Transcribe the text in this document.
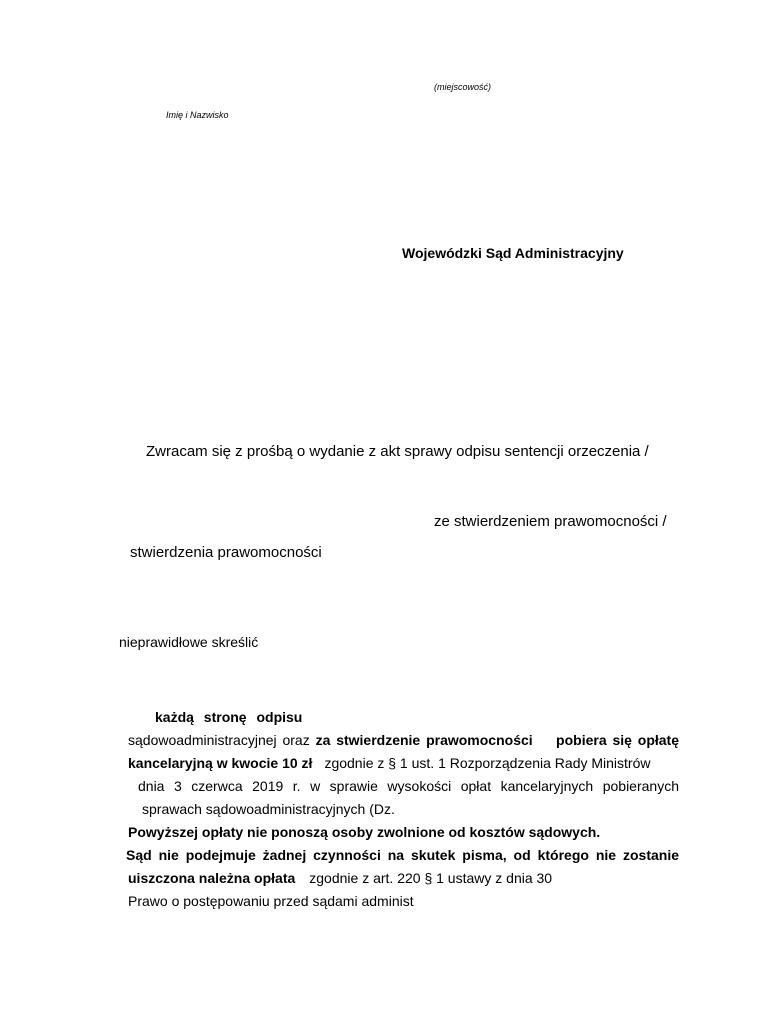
(miejscowość)
Imię i Nazwisko
Wojewódzki Sąd Administracyjny
Zwracam się z prośbą o wydanie z akt sprawy odpisu sentencji orzeczenia /
ze stwierdzeniem prawomocności /
stwierdzenia prawomocności
nieprawidłowe skreślić
każdą stronę odpisu
sądowoadministracyjnej oraz za stwierdzenie prawomocności pobiera się opłatę
kancelaryjną w kwocie 10 zł zgodnie z § 1 ust. 1 Rozporządzenia Rady Ministrów
dnia 3 czerwca 2019 r. w sprawie wysokości opłat kancelaryjnych pobieranych
sprawach sądowoadministracyjnych (Dz.
Powyższej opłaty nie ponoszą osoby zwolnione od kosztów sądowych.
Sąd nie podejmuje żadnej czynności na skutek pisma, od którego nie zostanie
uiszczona należna opłata zgodnie z art. 220 § 1 ustawy z dnia 30
Prawo o postępowaniu przed sądami administ
